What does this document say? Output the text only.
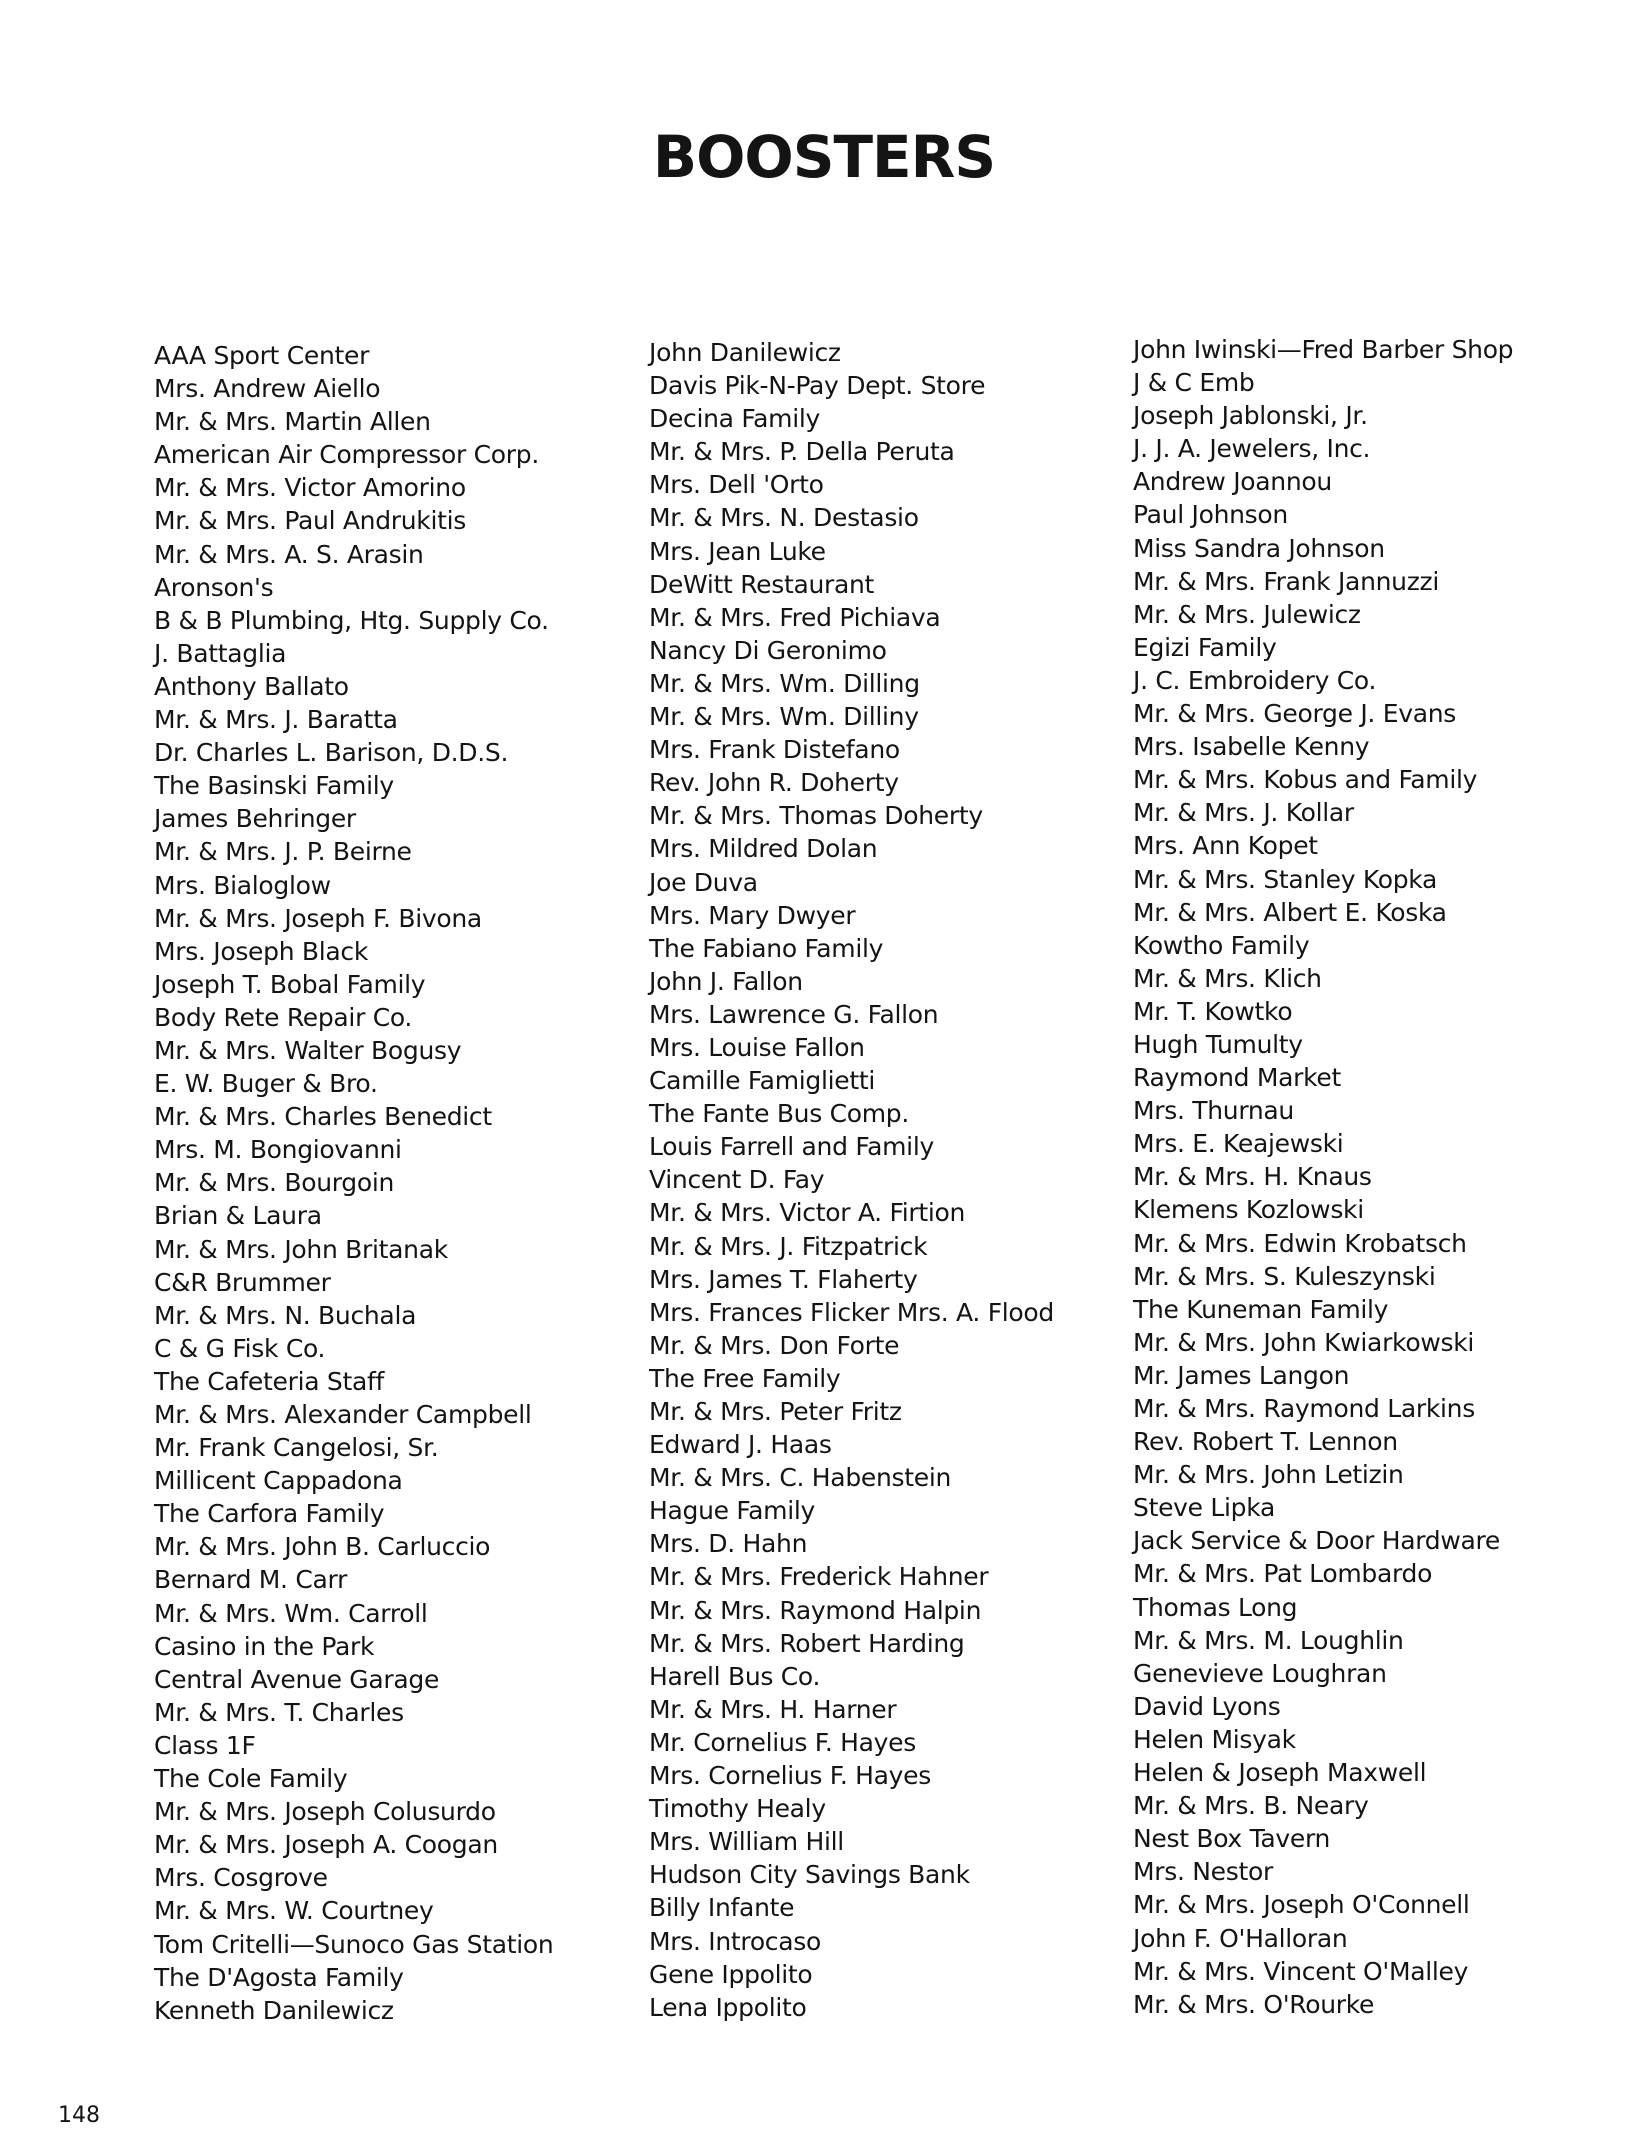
BOOSTERS
AAA Sport Center
Mrs. Andrew Aiello
Mr. & Mrs. Martin Allen
American Air Compressor Corp.
Mr. & Mrs. Victor Amorino
Mr. & Mrs. Paul Andrukitis
Mr. & Mrs. A. S. Arasin
Aronson's
B & B Plumbing, Htg. Supply Co.
J. Battaglia
Anthony Ballato
Mr. & Mrs. J. Baratta
Dr. Charles L. Barison, D.D.S.
The Basinski Family
James Behringer
Mr. & Mrs. J. P. Beirne
Mrs. Bialoglow
Mr. & Mrs. Joseph F. Bivona
Mrs. Joseph Black
Joseph T. Bobal Family
Body Rete Repair Co.
Mr. & Mrs. Walter Bogusy
E. W. Buger & Bro.
Mr. & Mrs. Charles Benedict
Mrs. M. Bongiovanni
Mr. & Mrs. Bourgoin
Brian & Laura
Mr. & Mrs. John Britanak
C&R Brummer
Mr. & Mrs. N. Buchala
C & G Fisk Co.
The Cafeteria Staff
Mr. & Mrs. Alexander Campbell
Mr. Frank Cangelosi, Sr.
Millicent Cappadona
The Carfora Family
Mr. & Mrs. John B. Carluccio
Bernard M. Carr
Mr. & Mrs. Wm. Carroll
Casino in the Park
Central Avenue Garage
Mr. & Mrs. T. Charles
Class 1F
The Cole Family
Mr. & Mrs. Joseph Colusurdo
Mr. & Mrs. Joseph A. Coogan
Mrs. Cosgrove
Mr. & Mrs. W. Courtney
Tom Critelli—Sunoco Gas Station
The D'Agosta Family
Kenneth Danilewicz
John Danilewicz
Davis Pik-N-Pay Dept. Store
Decina Family
Mr. & Mrs. P. Della Peruta
Mrs. Dell 'Orto
Mr. & Mrs. N. Destasio
Mrs. Jean Luke
DeWitt Restaurant
Mr. & Mrs. Fred Pichiava
Nancy Di Geronimo
Mr. & Mrs. Wm. Dilling
Mr. & Mrs. Wm. Dilliny
Mrs. Frank Distefano
Rev. John R. Doherty
Mr. & Mrs. Thomas Doherty
Mrs. Mildred Dolan
Joe Duva
Mrs. Mary Dwyer
The Fabiano Family
John J. Fallon
Mrs. Lawrence G. Fallon
Mrs. Louise Fallon
Camille Famiglietti
The Fante Bus Comp.
Louis Farrell and Family
Vincent D. Fay
Mr. & Mrs. Victor A. Firtion
Mr. & Mrs. J. Fitzpatrick
Mrs. James T. Flaherty
Mrs. Frances Flicker Mrs. A. Flood
Mr. & Mrs. Don Forte
The Free Family
Mr. & Mrs. Peter Fritz
Edward J. Haas
Mr. & Mrs. C. Habenstein
Hague Family
Mrs. D. Hahn
Mr. & Mrs. Frederick Hahner
Mr. & Mrs. Raymond Halpin
Mr. & Mrs. Robert Harding
Harell Bus Co.
Mr. & Mrs. H. Harner
Mr. Cornelius F. Hayes
Mrs. Cornelius F. Hayes
Timothy Healy
Mrs. William Hill
Hudson City Savings Bank
Billy Infante
Mrs. Introcaso
Gene Ippolito
Lena Ippolito
John Iwinski—Fred Barber Shop
J & C Emb
Joseph Jablonski, Jr.
J. J. A. Jewelers, Inc.
Andrew Joannou
Paul Johnson
Miss Sandra Johnson
Mr. & Mrs. Frank Jannuzzi
Mr. & Mrs. Julewicz
Egizi Family
J. C. Embroidery Co.
Mr. & Mrs. George J. Evans
Mrs. Isabelle Kenny
Mr. & Mrs. Kobus and Family
Mr. & Mrs. J. Kollar
Mrs. Ann Kopet
Mr. & Mrs. Stanley Kopka
Mr. & Mrs. Albert E. Koska
Kowtho Family
Mr. & Mrs. Klich
Mr. T. Kowtko
Hugh Tumulty
Raymond Market
Mrs. Thurnau
Mrs. E. Keajewski
Mr. & Mrs. H. Knaus
Klemens Kozlowski
Mr. & Mrs. Edwin Krobatsch
Mr. & Mrs. S. Kuleszynski
The Kuneman Family
Mr. & Mrs. John Kwiarkowski
Mr. James Langon
Mr. & Mrs. Raymond Larkins
Rev. Robert T. Lennon
Mr. & Mrs. John Letizin
Steve Lipka
Jack Service & Door Hardware
Mr. & Mrs. Pat Lombardo
Thomas Long
Mr. & Mrs. M. Loughlin
Genevieve Loughran
David Lyons
Helen Misyak
Helen & Joseph Maxwell
Mr. & Mrs. B. Neary
Nest Box Tavern
Mrs. Nestor
Mr. & Mrs. Joseph O'Connell
John F. O'Halloran
Mr. & Mrs. Vincent O'Malley
Mr. & Mrs. O'Rourke
148
